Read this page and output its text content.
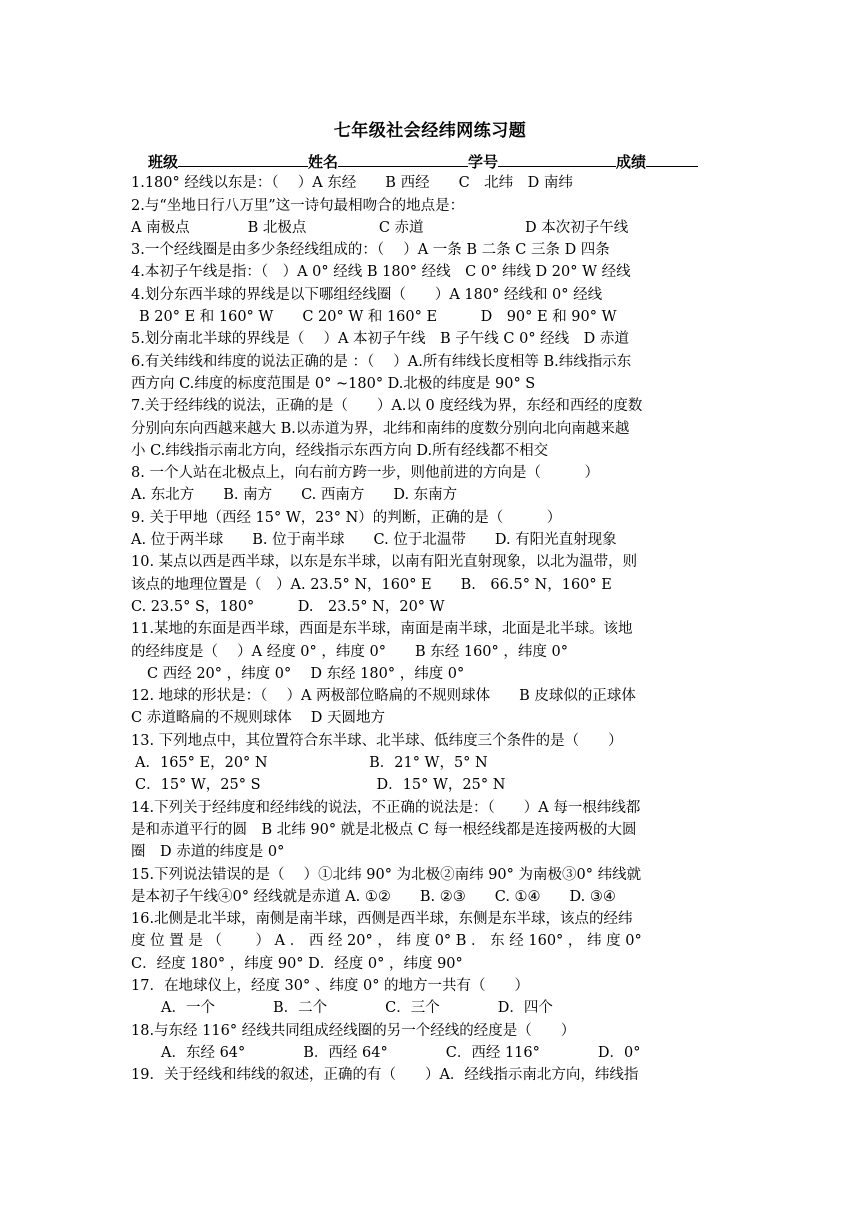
七年级社会经纬网练习题
班级	姓名	学号	成绩
1.180° 经线以东是：（　 ）A 东经　　B 西经　　C　北纬　D 南纬
2.与“坐地日行八万里”这一诗句最相吻合的地点是：
A 南极点　　　　B 北极点　　　　　C 赤道　　　　　　　D 本次初子午线
3.一个经线圈是由多少条经线组成的：（　 ）A 一条 B 二条 C 三条 D 四条
4.本初子午线是指：（　）A 0° 经线 B 180° 经线　C 0° 纬线 D 20° W 经线
4.划分东西半球的界线是以下哪组经线圈（　　）A 180° 经线和 0° 经线
B 20° E 和 160° W　　C 20° W 和 160° E　　　D　90° E 和 90° W
5.划分南北半球的界线是（　 ）A 本初子午线　B 子午线 C 0° 经线　D 赤道
6.有关纬线和纬度的说法正确的是 ：（　 ）A.所有纬线长度相等 B.纬线指示东
西方向 C.纬度的标度范围是 0° ~180° D.北极的纬度是 90° S
7.关于经纬线的说法，正确的是（　　）A.以 0 度经线为界，东经和西经的度数
分别向东向西越来越大 B.以赤道为界，北纬和南纬的度数分别向北向南越来越
小 C.纬线指示南北方向，经线指示东西方向 D.所有经线都不相交
8. 一个人站在北极点上，向右前方跨一步，则他前进的方向是（　　　）
A. 东北方　　B. 南方　　C. 西南方　　D. 东南方
9. 关于甲地（西经 15° W，23° N）的判断，正确的是（　　　）
A. 位于两半球　　B. 位于南半球　　C. 位于北温带　　D. 有阳光直射现象
10. 某点以西是西半球，以东是东半球，以南有阳光直射现象，以北为温带，则
该点的地理位置是（　）A. 23.5° N，160° E　　B.　66.5° N，160° E
C. 23.5° S，180°　　　D.　23.5° N，20° W
11.某地的东面是西半球，西面是东半球，南面是南半球，北面是北半球。该地
的经纬度是（　 ）A 经度 0° ，纬度 0°　　B 东经 160° ，纬度 0°
C 西经 20° ，纬度 0°　 D 东经 180° ，纬度 0°
12. 地球的形状是：（　 ）A 两极部位略扁的不规则球体　　B 皮球似的正球体
C 赤道略扁的不规则球体　 D 天圆地方
13. 下列地点中，其位置符合东半球、北半球、低纬度三个条件的是（　　）
A．165° E，20° N　　　　　　　B．21° W，5° N
C．15° W，25° S　　　　　　　　D．15° W，25° N
14.下列关于经纬度和经纬线的说法，不正确的说法是：（　　）A 每一根纬线都
是和赤道平行的圆　B 北纬 90° 就是北极点 C 每一根经线都是连接两极的大圆
圈　D 赤道的纬度是 0°
15.下列说法错误的是（　 ）①北纬 90° 为北极②南纬 90° 为南极③0° 纬线就
是本初子午线④0° 经线就是赤道 A. ①②　　B. ②③　　C. ①④　　D. ③④
16.北侧是北半球，南侧是南半球，西侧是西半球，东侧是东半球，该点的经纬
度 位 置 是 （　　 ） A ． 西 经 20° ， 纬 度 0° B ． 东 经 160° ， 纬 度 0°
C．经度 180° ，纬度 90° D．经度 0° ，纬度 90°
17．在地球仪上，经度 30° 、纬度 0° 的地方一共有（　　）
A．一个　　　　B．二个　　　　C．三个　　　　D．四个
18.与东经 116° 经线共同组成经线圈的另一个经线的经度是（　　）
A．东经 64°　　　　B．西经 64°　　　　C．西经 116°　　　　D．0°
19．关于经线和纬线的叙述，正确的有（　　）A．经线指示南北方向，纬线指
